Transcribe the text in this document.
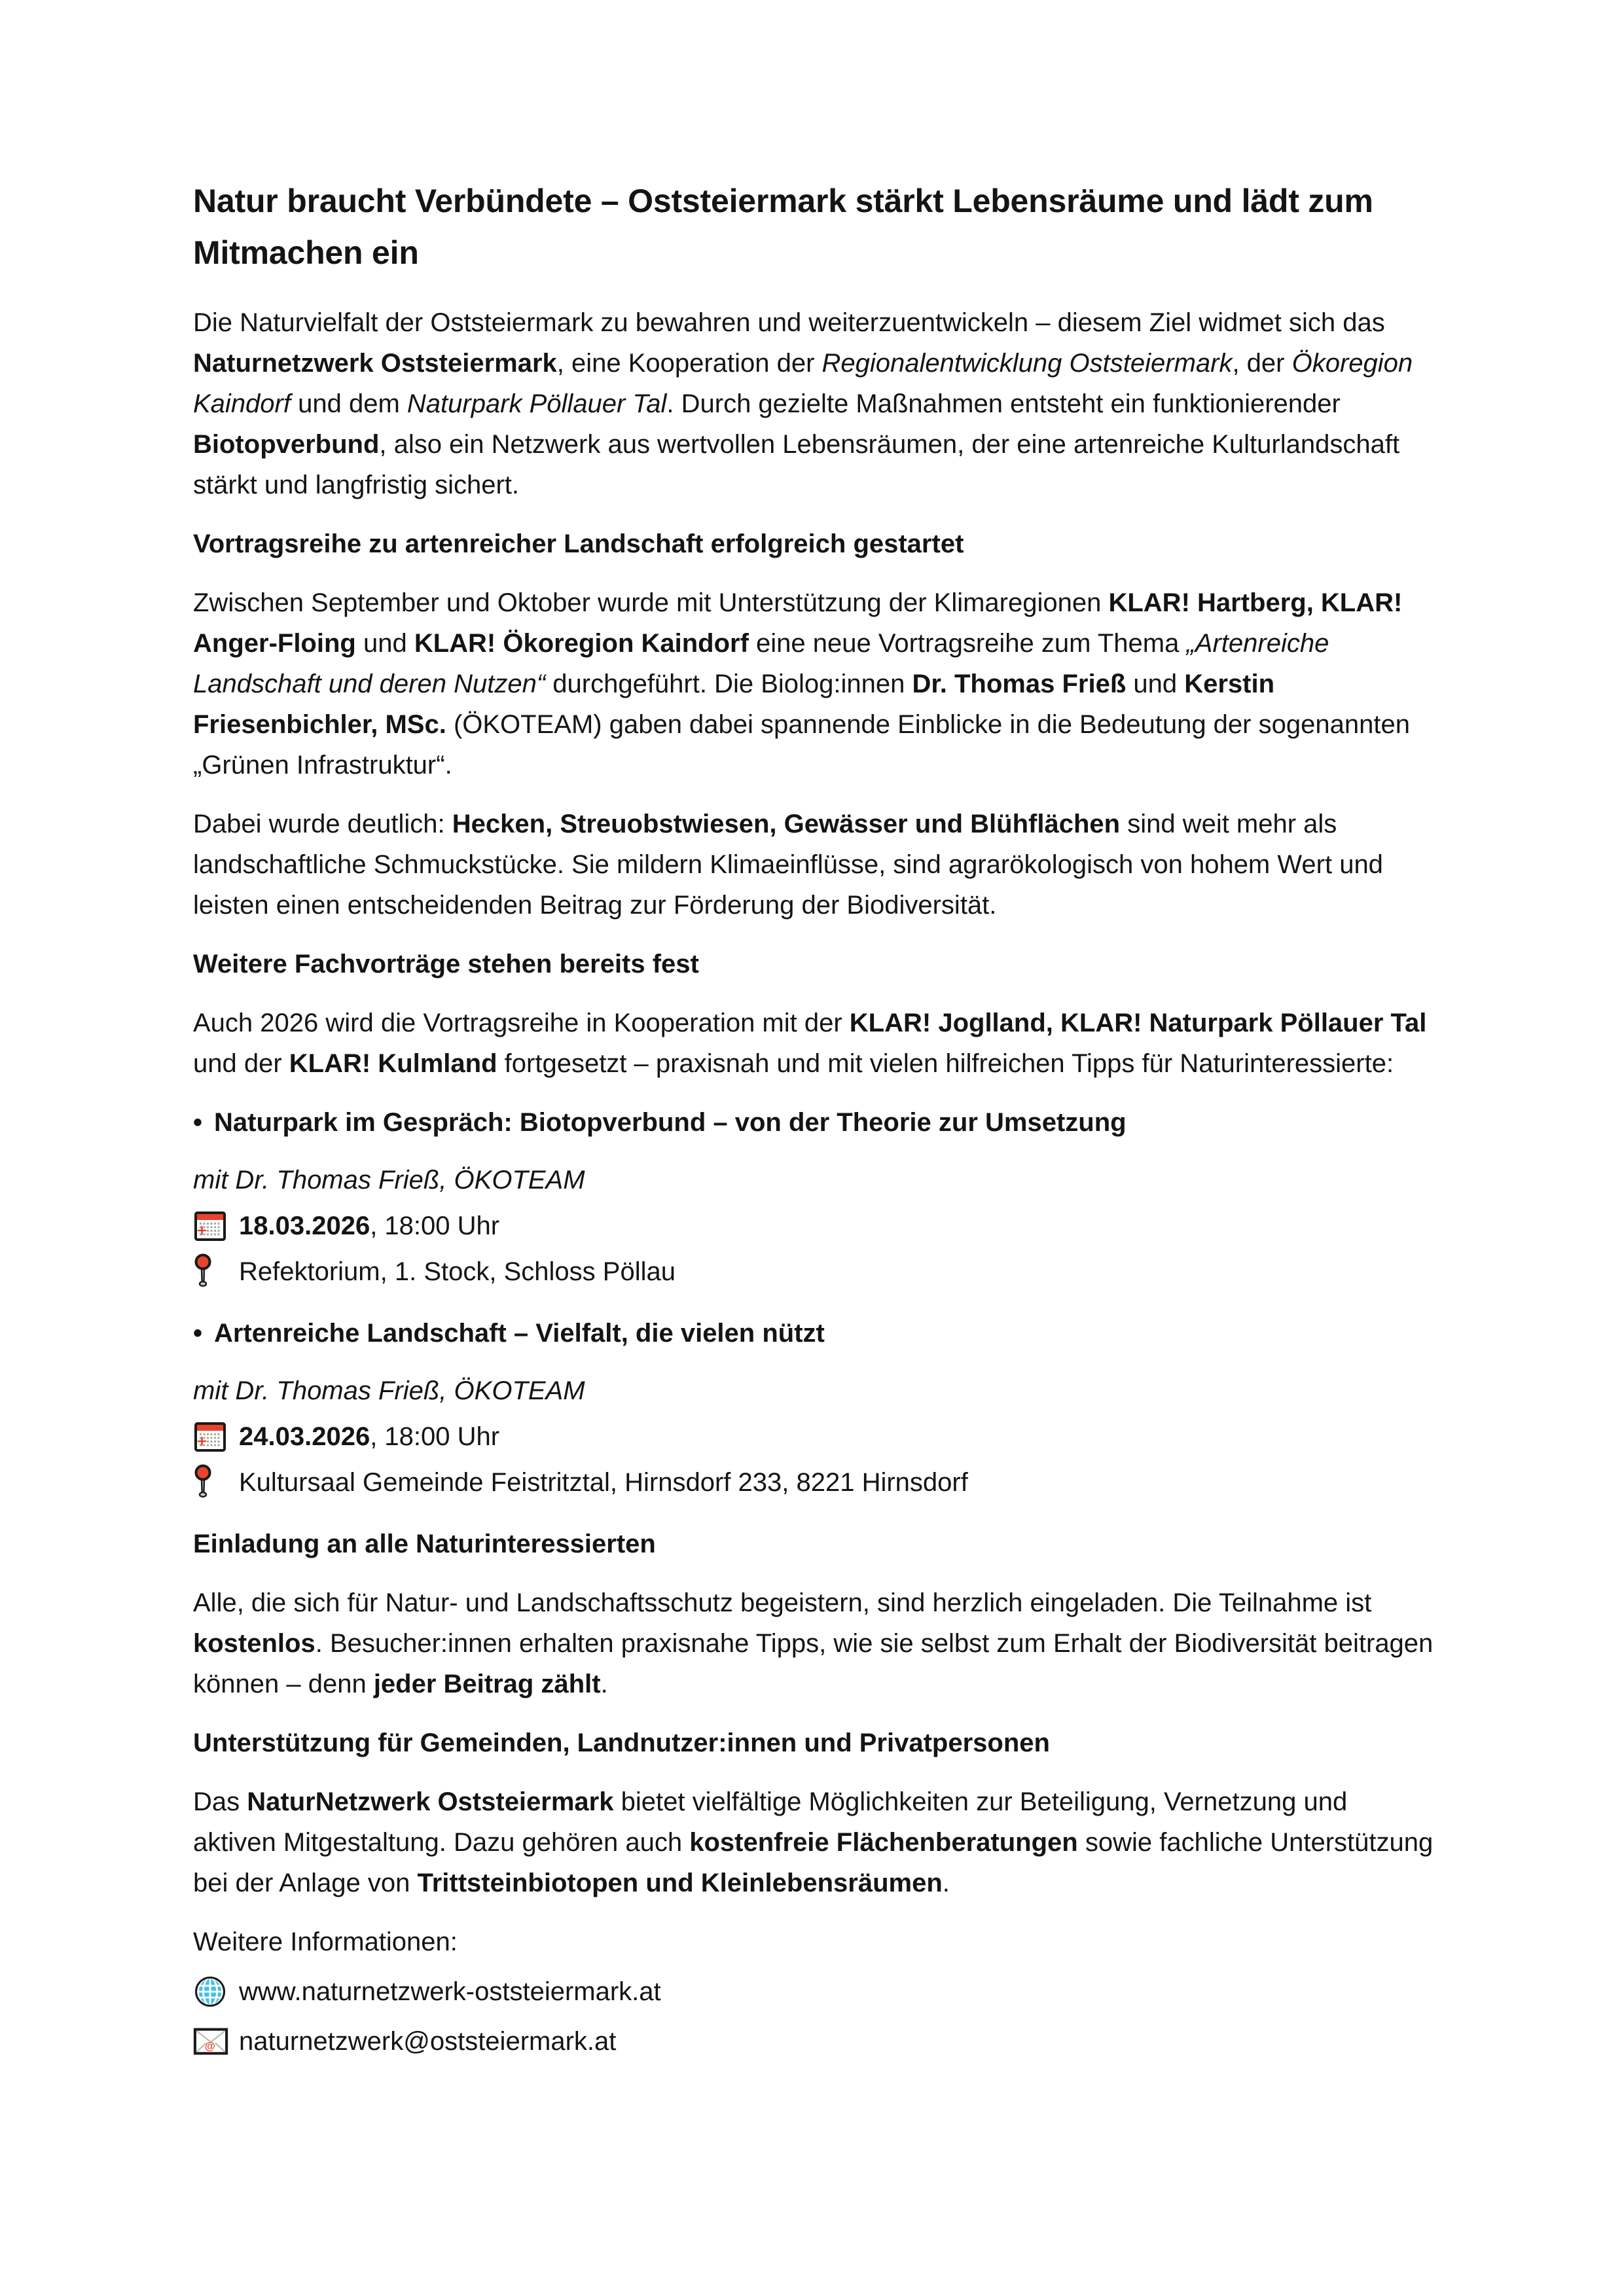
Natur braucht Verbündete – Oststeiermark stärkt Lebensräume und lädt zum Mitmachen ein

Die Naturvielfalt der Oststeiermark zu bewahren und weiterzuentwickeln – diesem Ziel widmet sich das Naturnetzwerk Oststeiermark, eine Kooperation der Regionalentwicklung Oststeiermark, der Ökoregion Kaindorf und dem Naturpark Pöllauer Tal. Durch gezielte Maßnahmen entsteht ein funktionierender Biotopverbund, also ein Netzwerk aus wertvollen Lebensräumen, der eine artenreiche Kulturlandschaft stärkt und langfristig sichert.

Vortragsreihe zu artenreicher Landschaft erfolgreich gestartet

Zwischen September und Oktober wurde mit Unterstützung der Klimaregionen KLAR! Hartberg, KLAR! Anger-Floing und KLAR! Ökoregion Kaindorf eine neue Vortragsreihe zum Thema „Artenreiche Landschaft und deren Nutzen“ durchgeführt. Die Biolog:innen Dr. Thomas Frieß und Kerstin Friesenbichler, MSc. (ÖKOTEAM) gaben dabei spannende Einblicke in die Bedeutung der sogenannten „Grünen Infrastruktur“.

Dabei wurde deutlich: Hecken, Streuobstwiesen, Gewässer und Blühflächen sind weit mehr als landschaftliche Schmuckstücke. Sie mildern Klimaeinflüsse, sind agrarökologisch von hohem Wert und leisten einen entscheidenden Beitrag zur Förderung der Biodiversität.

Weitere Fachvorträge stehen bereits fest

Auch 2026 wird die Vortragsreihe in Kooperation mit der KLAR! Joglland, KLAR! Naturpark Pöllauer Tal und der KLAR! Kulmland fortgesetzt – praxisnah und mit vielen hilfreichen Tipps für Naturinteressierte:

• Naturpark im Gespräch: Biotopverbund – von der Theorie zur Umsetzung

mit Dr. Thomas Frieß, ÖKOTEAM

18.03.2026, 18:00 Uhr
Refektorium, 1. Stock, Schloss Pöllau

• Artenreiche Landschaft – Vielfalt, die vielen nützt

mit Dr. Thomas Frieß, ÖKOTEAM

24.03.2026, 18:00 Uhr
Kultursaal Gemeinde Feistritztal, Hirnsdorf 233, 8221 Hirnsdorf
Einladung an alle Naturinteressierten

Alle, die sich für Natur- und Landschaftsschutz begeistern, sind herzlich eingeladen. Die Teilnahme ist kostenlos. Besucher:innen erhalten praxisnahe Tipps, wie sie selbst zum Erhalt der Biodiversität beitragen können – denn jeder Beitrag zählt.

Unterstützung für Gemeinden, Landnutzer:innen und Privatpersonen

Das NaturNetzwerk Oststeiermark bietet vielfältige Möglichkeiten zur Beteiligung, Vernetzung und aktiven Mitgestaltung. Dazu gehören auch kostenfreie Flächenberatungen sowie fachliche Unterstützung bei der Anlage von Trittsteinbiotopen und Kleinlebensräumen.

Weitere Informationen:

www.naturnetzwerk-oststeiermark.at
@ naturnetzwerk@oststeiermark.at
